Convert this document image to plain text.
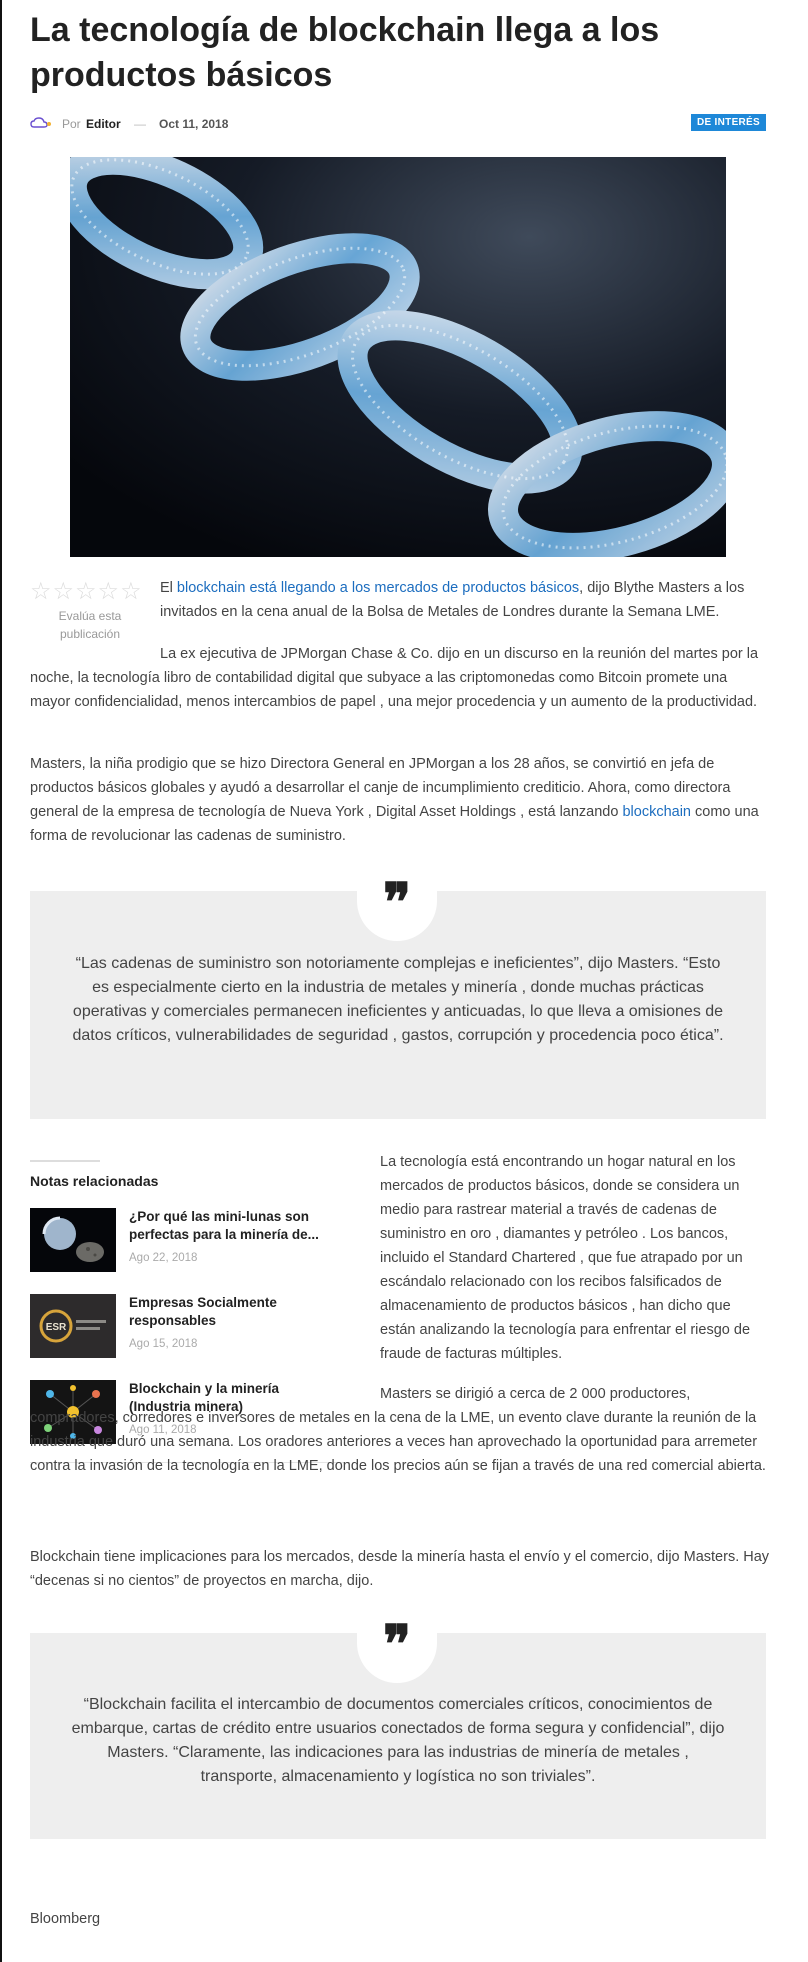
La tecnología de blockchain llega a los productos básicos
Por Editor — Oct 11, 2018	DE INTERÉS
☆ ☆ ☆ ☆ ☆
Evalúa esta publicación

El blockchain está llegando a los mercados de productos básicos, dijo Blythe Masters a los invitados en la cena anual de la Bolsa de Metales de Londres durante la Semana LME.

La ex ejecutiva de JPMorgan Chase & Co. dijo en un discurso en la reunión del martes por la noche, la tecnología libro de contabilidad digital que subyace a las criptomonedas como Bitcoin promete una mayor confidencialidad, menos intercambios de papel , una mejor procedencia y un aumento de la productividad.

Masters, la niña prodigio que se hizo Directora General en JPMorgan a los 28 años, se convirtió en jefa de productos básicos globales y ayudó a desarrollar el canje de incumplimiento crediticio. Ahora, como directora general de la empresa de tecnología de Nueva York , Digital Asset Holdings , está lanzando blockchain como una forma de revolucionar las cadenas de suministro.

❞
“Las cadenas de suministro son notoriamente complejas e ineficientes”, dijo Masters. “Esto es especialmente cierto en la industria de metales y minería , donde muchas prácticas operativas y comerciales permanecen ineficientes y anticuadas, lo que lleva a omisiones de datos críticos, vulnerabilidades de seguridad , gastos, corrupción y procedencia poco ética”.
Notas relacionadas
¿Por qué las mini-lunas son perfectas para la minería de...
Ago 22, 2018
ESR
Empresas Socialmente responsables
Ago 15, 2018
Blockchain y la minería (Industria minera)
Ago 11, 2018

La tecnología está encontrando un hogar natural en los mercados de productos básicos, donde se considera un medio para rastrear material a través de cadenas de suministro en oro , diamantes y petróleo . Los bancos, incluido el Standard Chartered , que fue atrapado por un escándalo relacionado con los recibos falsificados de almacenamiento de productos básicos , han dicho que están analizando la tecnología para enfrentar el riesgo de fraude de facturas múltiples.

Masters se dirigió a cerca de 2 000 productores, compradores, corredores e inversores de metales en la cena de la LME, un evento clave durante la reunión de la industria que duró una semana. Los oradores anteriores a veces han aprovechado la oportunidad para arremeter contra la invasión de la tecnología en la LME, donde los precios aún se fijan a través de una red comercial abierta.

Blockchain tiene implicaciones para los mercados, desde la minería hasta el envío y el comercio, dijo Masters. Hay “decenas si no cientos” de proyectos en marcha, dijo.

❞
“Blockchain facilita el intercambio de documentos comerciales críticos, conocimientos de embarque, cartas de crédito entre usuarios conectados de forma segura y confidencial”, dijo Masters. “Claramente, las indicaciones para las industrias de minería de metales , transporte, almacenamiento y logística no son triviales”.
Bloomberg
